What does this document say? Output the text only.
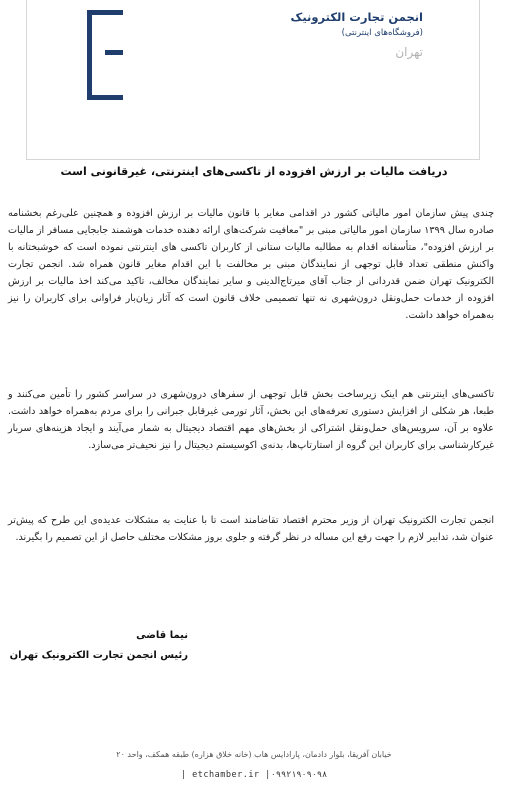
انجمن تجارت الکترونیک
(فروشگاه‌های اینترنتی)
تهران
دریافت مالیات بر ارزش افزوده از تاکسی‌های اینترنتی، غیرقانونی است

چندی پیش سازمان امور مالیاتی کشور در اقدامی مغایر با قانون مالیات بر ارزش افزوده و همچنین علی‌رغم بخشنامه صادره سال ۱۳۹۹ سازمان امور مالیاتی مبنی بر "معافیت شرکت‌های ارائه دهنده خدمات هوشمند جابجایی مسافر از مالیات بر ارزش افزوده"، متأسفانه اقدام به مطالبه مالیات ستانی از کاربران تاکسی های اینترنتی نموده است که خوشبختانه با واکنش منطقی تعداد قابل توجهی از نمایندگان مبنی بر مخالفت با این اقدام مغایر قانون همراه شد. انجمن تجارت الکترونیک تهران ضمن قدردانی از جناب آقای میرتاج‌الدینی و سایر نمایندگان مخالف، تاکید می‌کند اخذ مالیات بر ارزش افزوده از خدمات حمل‌ونقل درون‌شهری نه تنها تصمیمی خلاف قانون است که آثار زیان‌بار فراوانی برای کاربران را نیز به‌همراه خواهد داشت.

تاکسی‌های اینترنتی هم اینک زیرساخت بخش قابل توجهی از سفرهای درون‌شهری در سراسر کشور را تأمین می‌کنند و طبعا، هر شکلی از افزایش دستوری تعرفه‌های این بخش، آثار تورمی غیرقابل جبرانی را برای مردم به‌همراه خواهد داشت. علاوه بر آن، سرویس‌های حمل‌ونقل اشتراکی از بخش‌های مهم اقتصاد دیجیتال به شمار می‌آیند و ایجاد هزینه‌های سربار غیرکارشناسی برای کاربران این گروه از استارتاپ‌ها، بدنه‌ی اکوسیستم دیجیتال را نیز نحیف‌تر می‌سازد.

انجمن تجارت الکترونیک تهران از وزیر محترم اقتصاد تقاضامند است تا با عنایت به مشکلات عدیده‌ی این طرح که پیش‌تر عنوان شد، تدابیر لازم را جهت رفع این مساله در نظر گرفته و جلوی بروز مشکلات مختلف حاصل از این تصمیم را بگیرند.

نیما قاضی
رئیس انجمن تجارت الکترونیک تهران
خیابان آفریقا، بلوار دادمان، پارادایس هاب (خانه خلاق هزاره) طبقه همکف، واحد ۲۰
| etchamber.ir |۰۹۹۲۱۹۰۹۰۹۸
